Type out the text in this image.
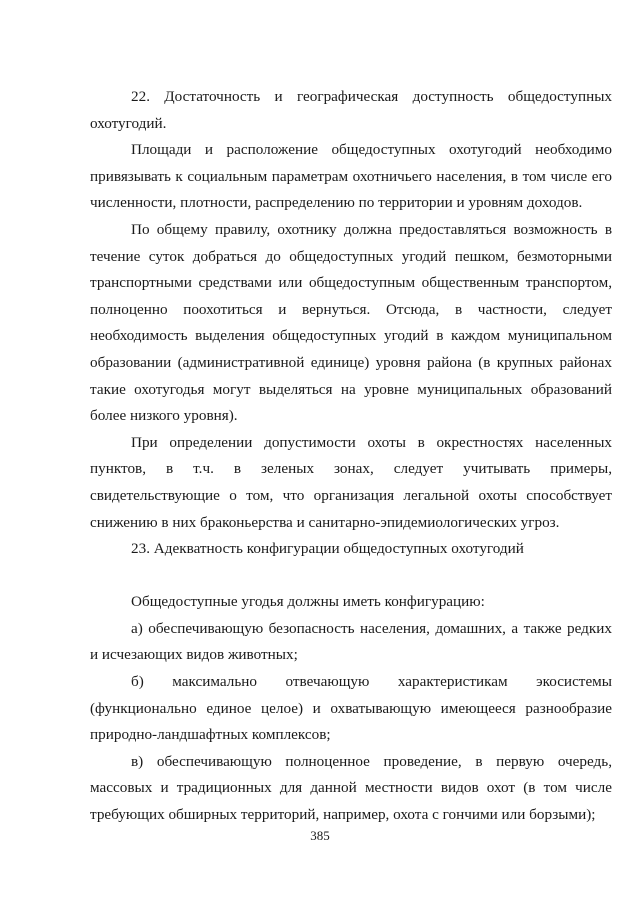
22. Достаточность и географическая доступность общедоступных охотугодий.

Площади и расположение общедоступных охотугодий необходимо привязывать к социальным параметрам охотничьего населения, в том числе его численности, плотности, распределению по территории и уровням доходов.

По общему правилу, охотнику должна предоставляться возможность в течение суток добраться до общедоступных угодий пешком, безмоторными транспортными средствами или общедоступным общественным транспортом, полноценно поохотиться и вернуться. Отсюда, в частности, следует необходимость выделения общедоступных угодий в каждом муниципальном образовании (административной единице) уровня района (в крупных районах такие охотугодья могут выделяться на уровне муниципальных образований более низкого уровня).

При определении допустимости охоты в окрестностях населенных пунктов, в т.ч. в зеленых зонах, следует учитывать примеры, свидетельствующие о том, что организация легальной охоты способствует снижению в них браконьерства и санитарно-эпидемиологических угроз.

23. Адекватность конфигурации общедоступных охотугодий

Общедоступные угодья должны иметь конфигурацию:

а) обеспечивающую безопасность населения, домашних, а также редких и исчезающих видов животных;

б) максимально отвечающую характеристикам экосистемы (функционально единое целое) и охватывающую имеющееся разнообразие природно-ландшафтных комплексов;

в) обеспечивающую полноценное проведение, в первую очередь, массовых и традиционных для данной местности видов охот (в том числе требующих обширных территорий, например, охота с гончими или борзыми);

385
